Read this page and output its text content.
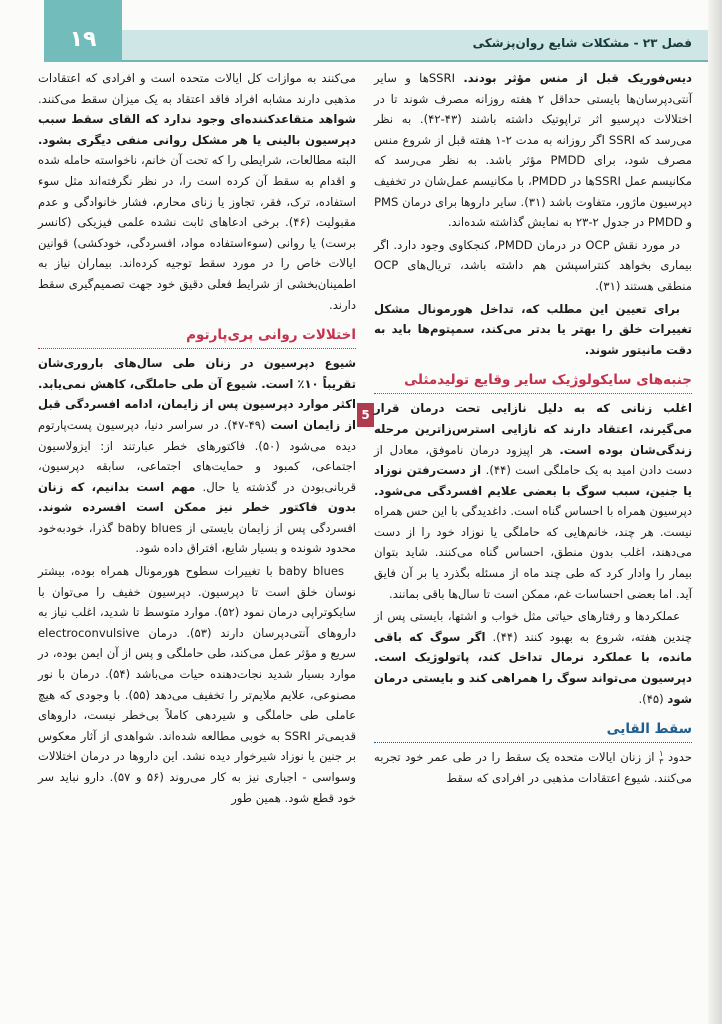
فصل ۲۳ - مشکلات شایع روان‌پزشکی
۱۹
5

دیس‌فوریک قبل از منس مؤثر بودند. SSRIها و سایر آنتی‌دپرسان‌ها بایستی حداقل ۲ هفته روزانه مصرف شوند تا در اختلالات دپرسیو اثر تراپوتیک داشته باشند (۴۳-۴۲). به نظر می‌رسد که SSRI اگر روزانه به مدت ۲-۱ هفته قبل از شروع منس مصرف شود، برای PMDD مؤثر باشد. به نظر می‌رسد که مکانیسم عمل SSRIها در PMDD، با مکانیسم عمل‌شان در تخفیف دپرسیون ماژور، متفاوت باشد (۳۱). سایر داروها برای درمان PMS و PMDD در جدول ۲-۲۳ به نمایش گذاشته شده‌اند.

در مورد نقش OCP در درمان PMDD، کنجکاوی وجود دارد. اگر بیماری بخواهد کنتراسپشن هم داشته باشد، تریال‌های OCP منطقی هستند (۳۱).

برای تعیین این مطلب که، تداخل هورمونال مشکل تغییرات خلق را بهتر یا بدتر می‌کند، سمپتوم‌ها باید به دقت مانیتور شوند.

جنبه‌های سایکولوژیک سایر وقایع تولیدمثلی

اغلب زنانی که به دلیل نازایی تحت درمان قرار می‌گیرند، اعتقاد دارند که نازایی استرس‌زاترین مرحله زندگی‌شان بوده است. هر اپیزود درمان ناموفق، معادل از دست دادن امید به یک حاملگی است (۴۴). از دست‌رفتن نوزاد یا جنین، سبب سوگ با بعضی علایم افسردگی می‌شود. دپرسیون همراه با احساس گناه است. داغدیدگی با این حس همراه نیست. هر چند، خانم‌هایی که حاملگی یا نوزاد خود را از دست می‌دهند، اغلب بدون منطق، احساس گناه می‌کنند. شاید بتوان بیمار را وادار کرد که طی چند ماه از مسئله بگذرد یا بر آن فایق آید. اما بعضی احساسات غم، ممکن است تا سال‌ها باقی بمانند.

عملکردها و رفتارهای حیاتی مثل خواب و اشتها، بایستی پس از چندین هفته، شروع به بهبود کنند (۴۴). اگر سوگ که باقی مانده، با عملکرد نرمال تداخل کند، پاتولوژیک است. دپرسیون می‌تواند سوگ را همراهی کند و بایستی درمان شود (۴۵).

سقط القایی

حدود ۱
۳ از زنان ایالات متحده یک سقط را در طی عمر خود تجربه می‌کنند. شیوع اعتقادات مذهبی در افرادی که سقط

می‌کنند به موازات کل ایالات متحده است و افرادی که اعتقادات مذهبی دارند مشابه افراد فاقد اعتقاد به یک میزان سقط می‌کنند. شواهد متقاعدکننده‌ای وجود ندارد که القای سقط سبب دپرسیون بالینی یا هر مشکل روانی منفی دیگری بشود. البته مطالعات، شرایطی را که تحت آن خانم، ناخواسته حامله شده و اقدام به سقط آن کرده است را، در نظر نگرفته‌اند مثل سوء استفاده، ترک، فقر، تجاوز یا زنای محارم، فشار خانوادگی و عدم مقبولیت (۴۶). برخی ادعاهای ثابت نشده علمی فیزیکی (کانسر برست) یا روانی (سوءاستفاده مواد، افسردگی، خودکشی) قوانین ایالات خاص را در مورد سقط توجیه کرده‌اند. بیماران نیاز به اطمینان‌بخشی از شرایط فعلی دقیق خود جهت تصمیم‌گیری سقط دارند.

اختلالات روانی پری‌پارتوم

شیوع دپرسیون در زنان طی سال‌های باروری‌شان تقریباً ۱۰٪ است. شیوع آن طی حاملگی، کاهش نمی‌یابد. اکثر موارد دپرسیون پس از زایمان، ادامه افسردگی قبل از زایمان است (۴۹-۴۷). در سراسر دنیا، دپرسیون پست‌پارتوم دیده می‌شود (۵۰). فاکتورهای خطر عبارتند از: ایزولاسیون اجتماعی، کمبود و حمایت‌های اجتماعی، سابقه دپرسیون، قربانی‌بودن در گذشته یا حال. مهم است بدانیم، که زنان بدون فاکتور خطر نیز ممکن است افسرده شوند. افسردگی پس از زایمان بایستی از baby blues گذرا، خودبه‌خود محدود شونده و بسیار شایع، افتراق داده شود.

baby blues با تغییرات سطوح هورمونال همراه بوده، بیشتر نوسان خلق است تا دپرسیون. دپرسیون خفیف را می‌توان با سایکوتراپی درمان نمود (۵۲). موارد متوسط تا شدید، اغلب نیاز به داروهای آنتی‌دپرسان دارند (۵۳). درمان electroconvulsive سریع و مؤثر عمل می‌کند، طی حاملگی و پس از آن ایمن بوده، در موارد بسیار شدید نجات‌دهنده حیات می‌باشد (۵۴). درمان با نور مصنوعی، علایم ملایم‌تر را تخفیف می‌دهد (۵۵). با وجودی که هیچ عاملی طی حاملگی و شیردهی کاملاً بی‌خطر نیست، داروهای قدیمی‌تر SSRI به خوبی مطالعه شده‌اند. شواهدی از آثار معکوس بر جنین یا نوزاد شیرخوار دیده نشد. این داروها در درمان اختلالات وسواسی - اجباری نیز به کار می‌روند (۵۶ و ۵۷). دارو نباید سر خود قطع شود. همین طور
